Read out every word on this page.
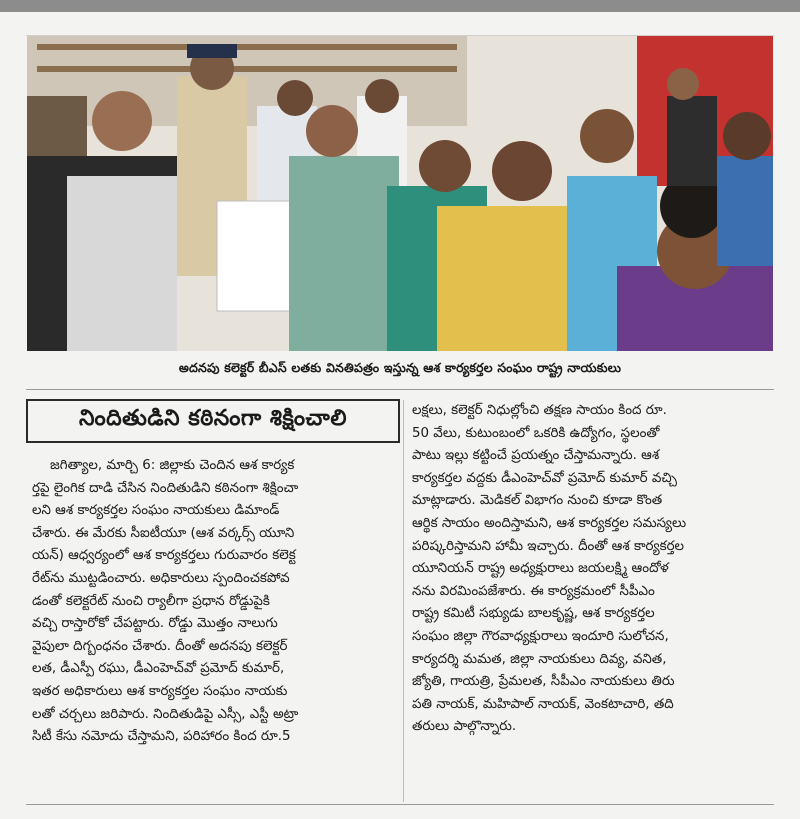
అదనపు కలెక్టర్ బీఎస్ లతకు వినతిపత్రం ఇస్తున్న ఆశ కార్యకర్తల సంఘం రాష్ట్ర నాయకులు
నిందితుడిని కఠినంగా శిక్షించాలి

జగిత్యాల, మార్చి 6: జిల్లాకు చెందిన ఆశ కార్యక

ర్తపై లైంగిక దాడి చేసిన నిందితుడిని కఠినంగా శిక్షించా

లని ఆశ కార్యకర్తల సంఘం నాయకులు డిమాండ్

చేశారు. ఈ మేరకు సీఐటీయూ (ఆశ వర్కర్స్ యూని

యన్) ఆధ్వర్యంలో ఆశ కార్యకర్తలు గురువారం కలెక్ట

రేట్‌ను ముట్టడించారు. అధికారులు స్పందించకపోవ

డంతో కలెక్టరేట్ నుంచి ర్యాలీగా ప్రధాన రోడ్డుపైకి

వచ్చి రాస్తారోకో చేపట్టారు. రోడ్డు మొత్తం నాలుగు

వైపులా దిగ్బంధనం చేశారు. దీంతో అదనపు కలెక్టర్

లత, డీఎస్పీ రఘు, డీఎంహెచ్‌వో ప్రమోద్ కుమార్,

ఇతర అధికారులు ఆశ కార్యకర్తల సంఘం నాయకు

లతో చర్చలు జరిపారు. నిందితుడిపై ఎస్సీ, ఎస్టీ అట్రా

సిటీ కేసు నమోదు చేస్తామని, పరిహారం కింద రూ.5

లక్షలు, కలెక్టర్ నిధుల్లోంచి తక్షణ సాయం కింద రూ.

50 వేలు, కుటుంబంలో ఒకరికి ఉద్యోగం, స్థలంతో

పాటు ఇల్లు కట్టించే ప్రయత్నం చేస్తామన్నారు. ఆశ

కార్యకర్తల వద్దకు డీఎంహెచ్‌వో ప్రమోద్ కుమార్ వచ్చి

మాట్లాడారు. మెడికల్ విభాగం నుంచి కూడా కొంత

ఆర్థిక సాయం అందిస్తామని, ఆశ కార్యకర్తల సమస్యలు

పరిష్కరిస్తామని హామీ ఇచ్చారు. దీంతో ఆశ కార్యకర్తల

యూనియన్ రాష్ట్ర అధ్యక్షురాలు జయలక్ష్మి ఆందోళ

నను విరమింపజేశారు. ఈ కార్యక్రమంలో సీపీఎం

రాష్ట్ర కమిటీ సభ్యుడు బాలకృష్ణ, ఆశ కార్యకర్తల

సంఘం జిల్లా గౌరవాధ్యక్షురాలు ఇందూరి సులోచన,

కార్యదర్శి మమత, జిల్లా నాయకులు దివ్య, వనిత,

జ్యోతి, గాయత్రి, ప్రేమలత, సీపీఎం నాయకులు తిరు

పతి నాయక్, మహిపాల్ నాయక్, వెంకటాచారి, తది

తరులు పాల్గొన్నారు.
